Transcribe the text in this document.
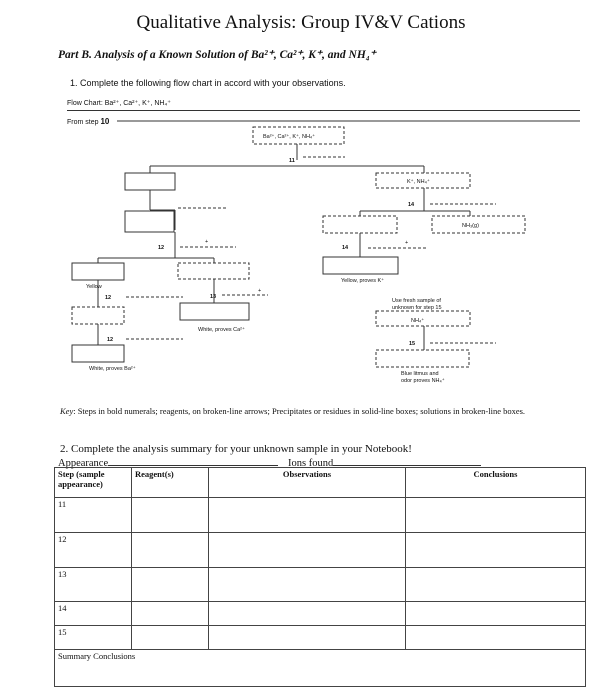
Qualitative Analysis: Group IV&V Cations
Part B. Analysis of a Known Solution of Ba²⁺, Ca²⁺, K⁺, and NH₄⁺
1. Complete the following flow chart in accord with your observations.
Flow Chart: Ba²⁺, Ca²⁺, K⁺, NH₄⁺
From step 10
Ba²⁺, Ca²⁺, K⁺, NH₄⁺
11
K⁺, NH₄⁺
14
NH₃(g)
12
+
14
+
Yellow, proves K⁺
Yellow
12	13
+
Use fresh sample of
unknown for step 15
White, proves Ca²⁺
NH₄⁺
12
15
White, proves Ba²⁺
Blue litmus and
odor proves NH₄⁺
Key: Steps in bold numerals; reagents, on broken-line arrows; Precipitates or residues in solid-line boxes; solutions in broken-line boxes.
2. Complete the analysis summary for your unknown sample in your Notebook!
Appearance	Ions found
Step (sample appearance)	Reagent(s)	Observations	Conclusions
11			
12			
13			
14			
15			
Summary Conclusions			
